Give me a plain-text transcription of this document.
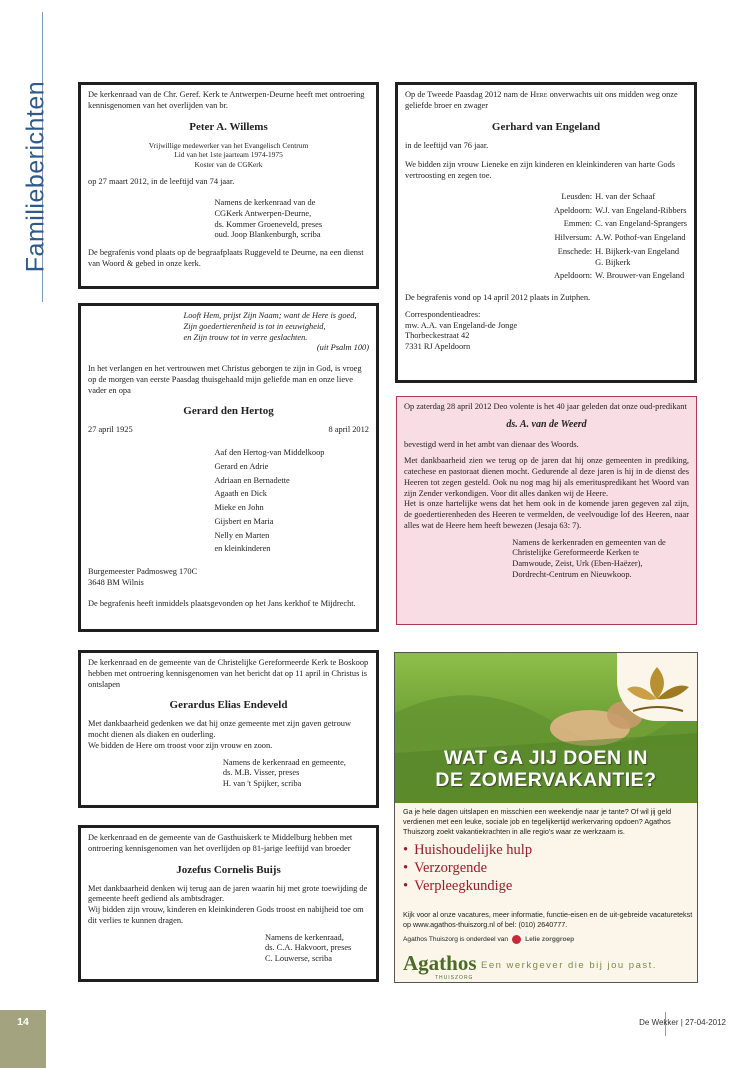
Familieberichten	De kerkenraad van de Chr. Geref. Kerk te Antwerpen-Deurne heeft met ontroering kennisgenomen van het overlijden van br.

Peter A. Willems
Vrijwillige medewerker van het Evangelisch Centrum
Lid van het 1ste jaarteam 1974-1975
Koster van de CGKerk

op 27 maart 2012, in de leeftijd van 74 jaar.

Namens de kerkenraad van de
CGKerk Antwerpen-Deurne,
ds. Kommer Groeneveld, preses
oud. Joop Blankenburgh, scriba

De begrafenis vond plaats op de begraafplaats Ruggeveld te Deurne, na een dienst van Woord & gebed in onze kerk.

Looft Hem, prijst Zijn Naam; want de Here is goed,
Zijn goedertierenheid is tot in eeuwigheid,
en Zijn trouw tot in verre geslachten.
(uit Psalm 100)

In het verlangen en het vertrouwen met Christus geborgen te zijn in God, is vroeg op de morgen van eerste Paasdag thuisgehaald mijn geliefde man en onze lieve vader en opa

Gerard den Hertog
27 april 1925	8 april 2012
Aaf den Hertog-van Middelkoop
Gerard en Adrie
Adriaan en Bernadette
Agaath en Dick
Mieke en John
Gijsbert en Maria
Nelly en Marten
en kleinkinderen
Burgemeester Padmosweg 170C
3648 BM Wilnis

De begrafenis heeft inmiddels plaatsgevonden op het Jans kerkhof te Mijdrecht.

De kerkenraad en de gemeente van de Christelijke Gereformeerde Kerk te Boskoop hebben met ontroering kennisgenomen van het bericht dat op 11 april in Christus is ontslapen

Gerardus Elias Endeveld
Met dankbaarheid gedenken we dat hij onze gemeente met zijn gaven getrouw mocht dienen als diaken en ouderling.

We bidden de Here om troost voor zijn vrouw en zoon.

Namens de kerkenraad en gemeente,
ds. M.B. Visser, preses
H. van 't Spijker, scriba

De kerkenraad en de gemeente van de Gasthuiskerk te Middelburg hebben met ontroering kennisgenomen van het overlijden op 81-jarige leeftijd van broeder

Jozefus Cornelis Buijs
Met dankbaarheid denken wij terug aan de jaren waarin hij met grote toewijding de gemeente heeft gediend als ambtsdrager.

Wij bidden zijn vrouw, kinderen en kleinkinderen Gods troost en nabijheid toe om dit verlies te kunnen dragen.

Namens de kerkenraad,
ds. C.A. Hakvoort, preses
C. Louwerse, scriba

Op de Tweede Paasdag 2012 nam de Here onverwachts uit ons midden weg onze geliefde broer en zwager

Gerhard van Engeland

in de leeftijd van 76 jaar.

We bidden zijn vrouw Lieneke en zijn kinderen en kleinkinderen van harte Gods vertroosting en zegen toe.

Leusden:	H. van der Schaaf
Apeldoorn:	W.J. van Engeland-Ribbers
Emmen:	C. van Engeland-Sprangers
Hilversum:	A.W. Pothof-van Engeland
Enschede:	H. Bijkerk-van Engeland
G. Bijkerk

Apeldoorn:	W. Brouwer-van Engeland

De begrafenis vond op 14 april 2012 plaats in Zutphen.

Correspondentieadres:
mw. A.A. van Engeland-de Jonge
Thorbeckestraat 42
7331 RJ Apeldoorn

Op zaterdag 28 april 2012 Deo volente is het 40 jaar geleden dat onze oud-predikant

ds. A. van de Weerd

bevestigd werd in het ambt van dienaar des Woords.

Met dankbaarheid zien we terug op de jaren dat hij onze gemeenten in prediking, catechese en pastoraat dienen mocht. Gedurende al deze jaren is hij in de dienst des Heeren tot zegen gesteld. Ook nu nog mag hij als emerituspredikant het Woord van zijn Zender verkondigen. Voor dit alles danken wij de Heere.

Het is onze hartelijke wens dat het hem ook in de komende jaren gegeven zal zijn, de goedertierenheden des Heeren te vermelden, de veelvoudige lof des Heeren, naar alles wat de Heere hem heeft bewezen (Jesaja 63: 7).

Namens de kerkenraden en gemeenten van de
Christelijke Gereformeerde Kerken te
Damwoude, Zeist, Urk (Eben-Haëzer),
Dordrecht-Centrum en Nieuwkoop.
WAT GA JIJ DOEN IN
DE ZOMERVAKANTIE?
Ga je hele dagen uitslapen en misschien een weekendje naar je tante? Of wil jij geld verdienen met een leuke, sociale job en tegelijkertijd werkervaring opdoen? Agathos Thuiszorg zoekt vakantiekrachten in alle regio's waar ze werkzaam is.
• Huishoudelijke hulp
• Verzorgende
• Verpleegkundige
Kijk voor al onze vacatures, meer informatie, functie-eisen en de uit-gebreide vacaturetekst op www.agathos-thuiszorg.nl of bel: (010) 2640777.
Agathos Thuiszorg is onderdeel van	Lelie zorggroep
Agathos
THUISZORG
Een werkgever die bij jou past.
14	De Wekker | 27-04-2012
